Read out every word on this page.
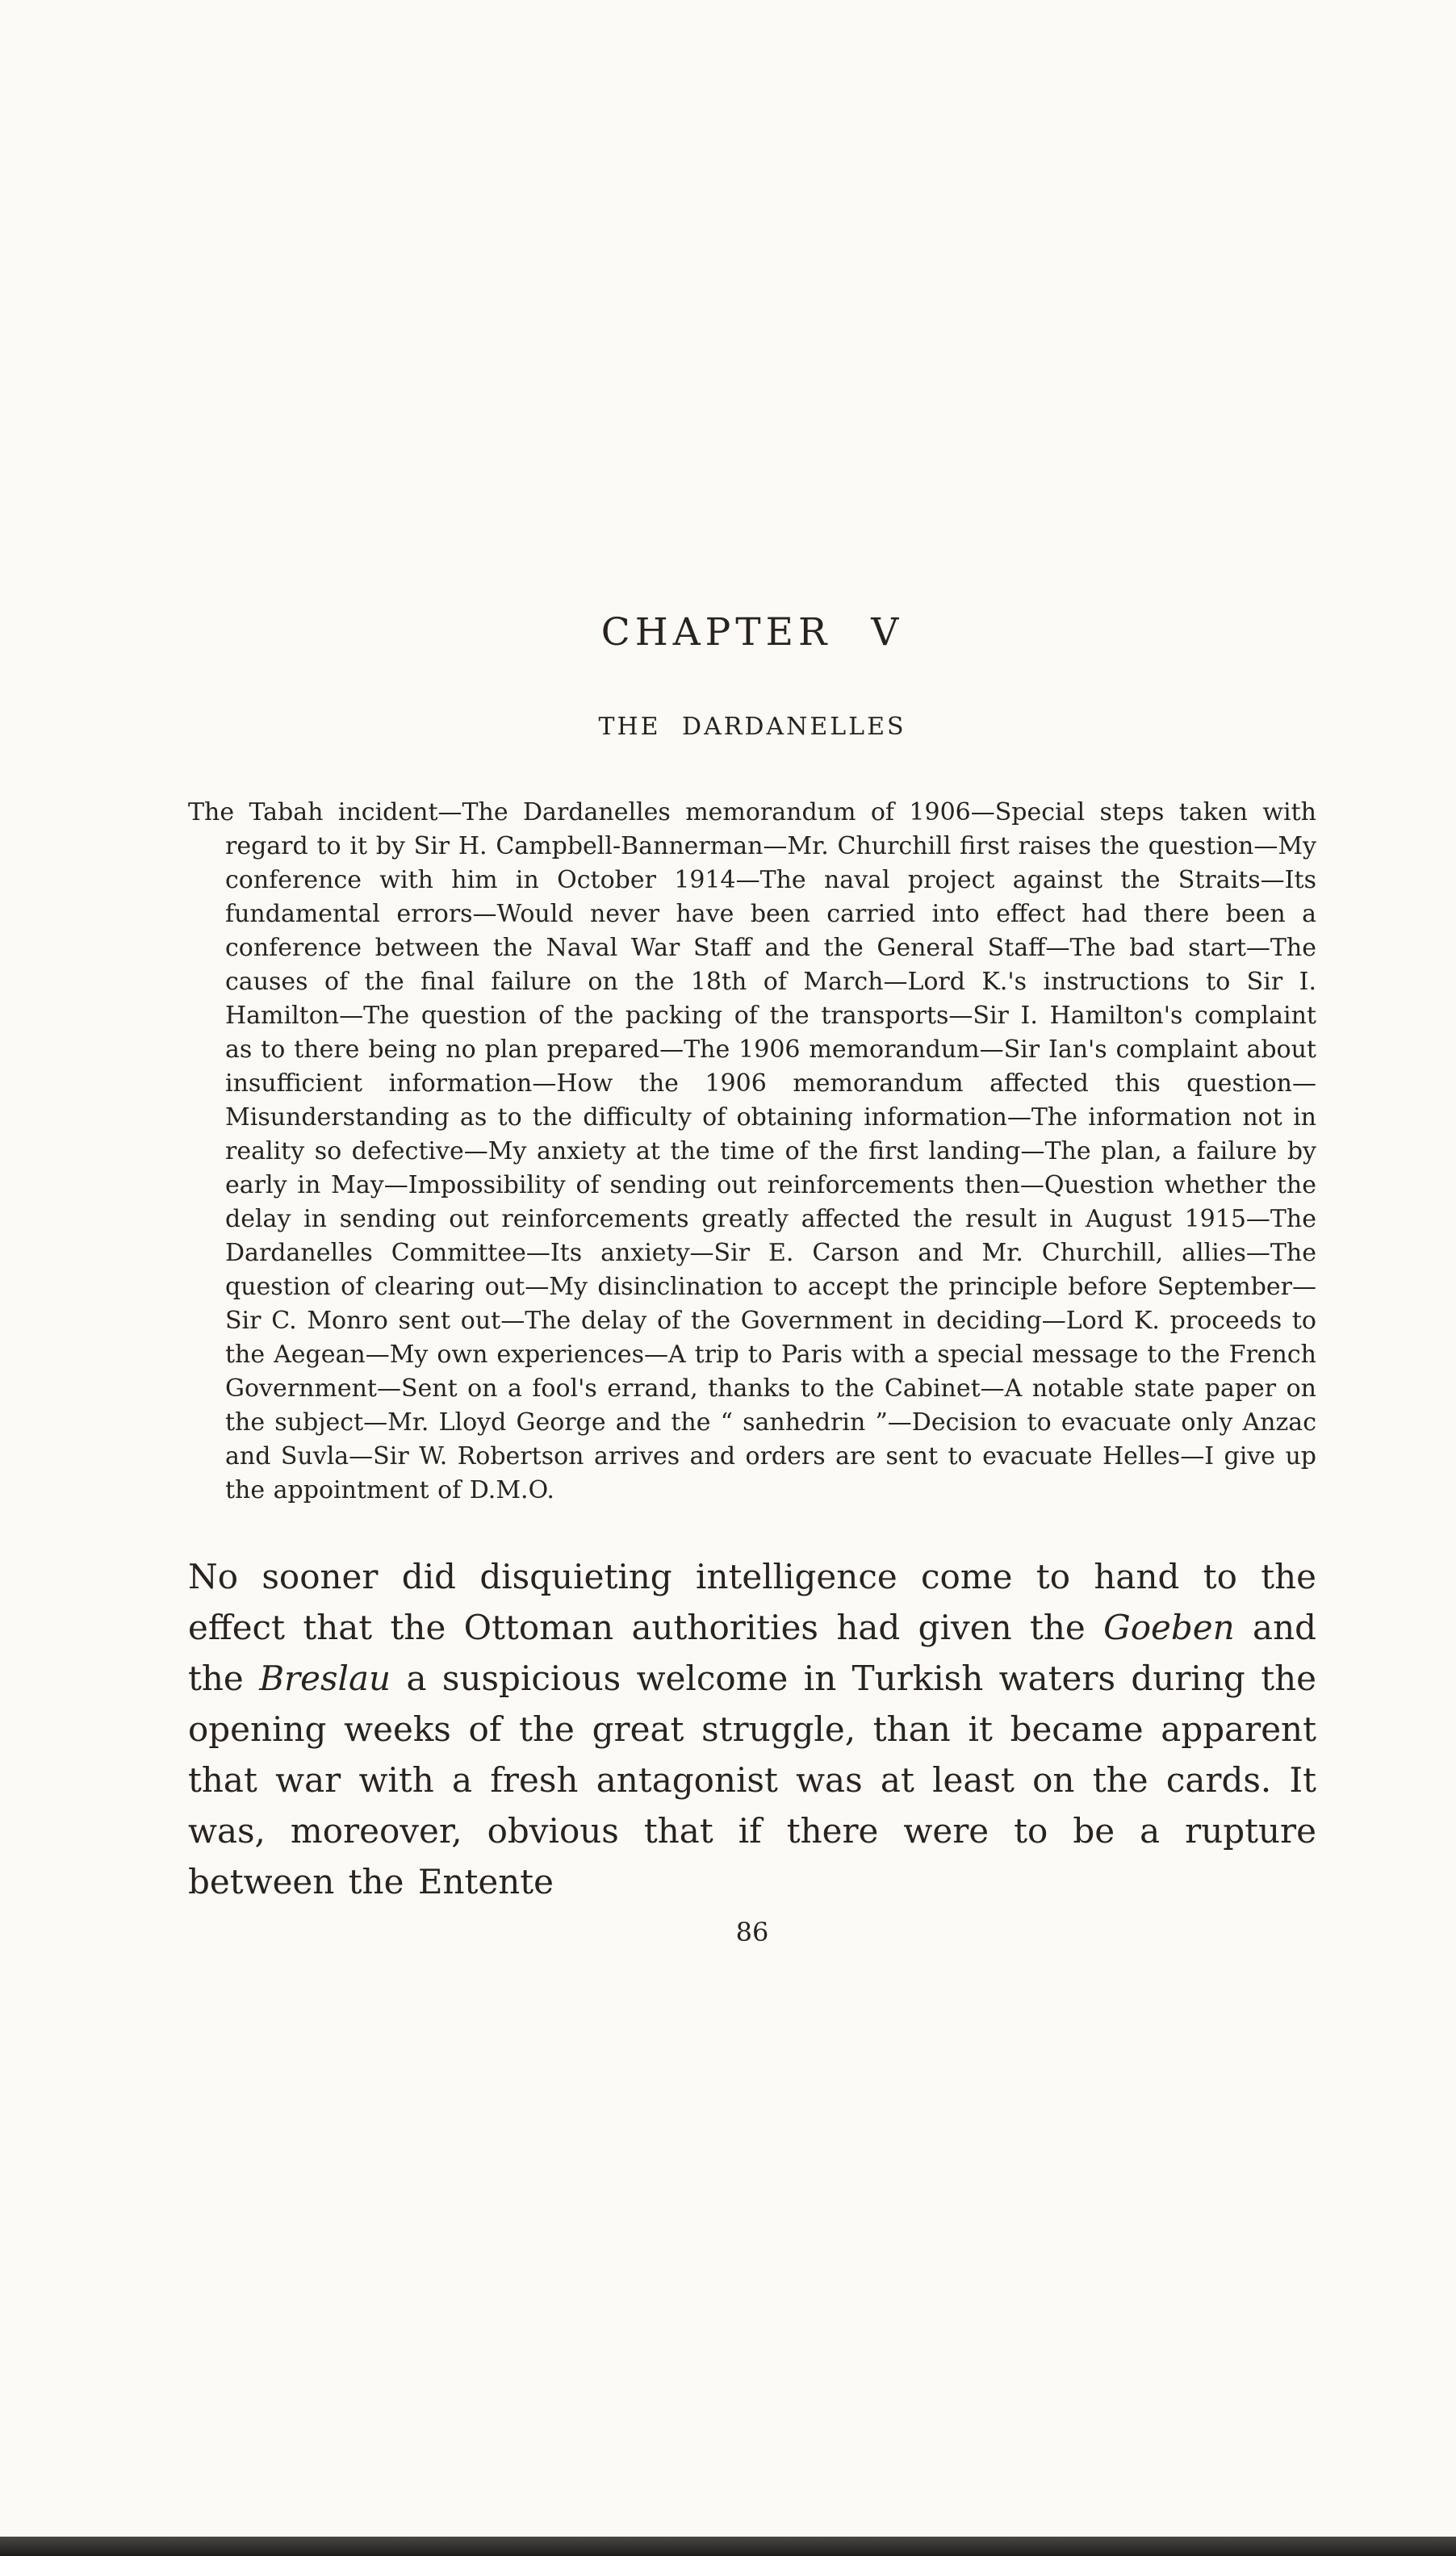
CHAPTER V
THE DARDANELLES

The Tabah incident—The Dardanelles memorandum of 1906—Special steps taken with regard to it by Sir H. Campbell-Bannerman—Mr. Churchill first raises the question—My conference with him in October 1914—The naval project against the Straits—Its fundamental errors—Would never have been carried into effect had there been a conference between the Naval War Staff and the General Staff—The bad start—The causes of the final failure on the 18th of March—Lord K.'s instructions to Sir I. Hamilton—The question of the packing of the transports—Sir I. Hamilton's complaint as to there being no plan prepared—The 1906 memorandum—Sir Ian's complaint about insufficient information—How the 1906 memorandum affected this question—Misunderstanding as to the difficulty of obtaining information—The information not in reality so defective—My anxiety at the time of the first landing—The plan, a failure by early in May—Impossibility of sending out reinforcements then—Question whether the delay in sending out reinforcements greatly affected the result in August 1915—The Dardanelles Committee—Its anxiety—Sir E. Carson and Mr. Churchill, allies—The question of clearing out—My disinclination to accept the principle before September—Sir C. Monro sent out—The delay of the Government in deciding—Lord K. proceeds to the Aegean—My own experiences—A trip to Paris with a special message to the French Government—Sent on a fool's errand, thanks to the Cabinet—A notable state paper on the subject—Mr. Lloyd George and the “ sanhedrin ”—Decision to evacuate only Anzac and Suvla—Sir W. Robertson arrives and orders are sent to evacuate Helles—I give up the appointment of D.M.O.

No sooner did disquieting intelligence come to hand to the effect that the Ottoman authorities had given the Goeben and the Breslau a suspicious welcome in Turkish waters during the opening weeks of the great struggle, than it became apparent that war with a fresh antagonist was at least on the cards. It was, moreover, obvious that if there were to be a rupture between the Entente

86
